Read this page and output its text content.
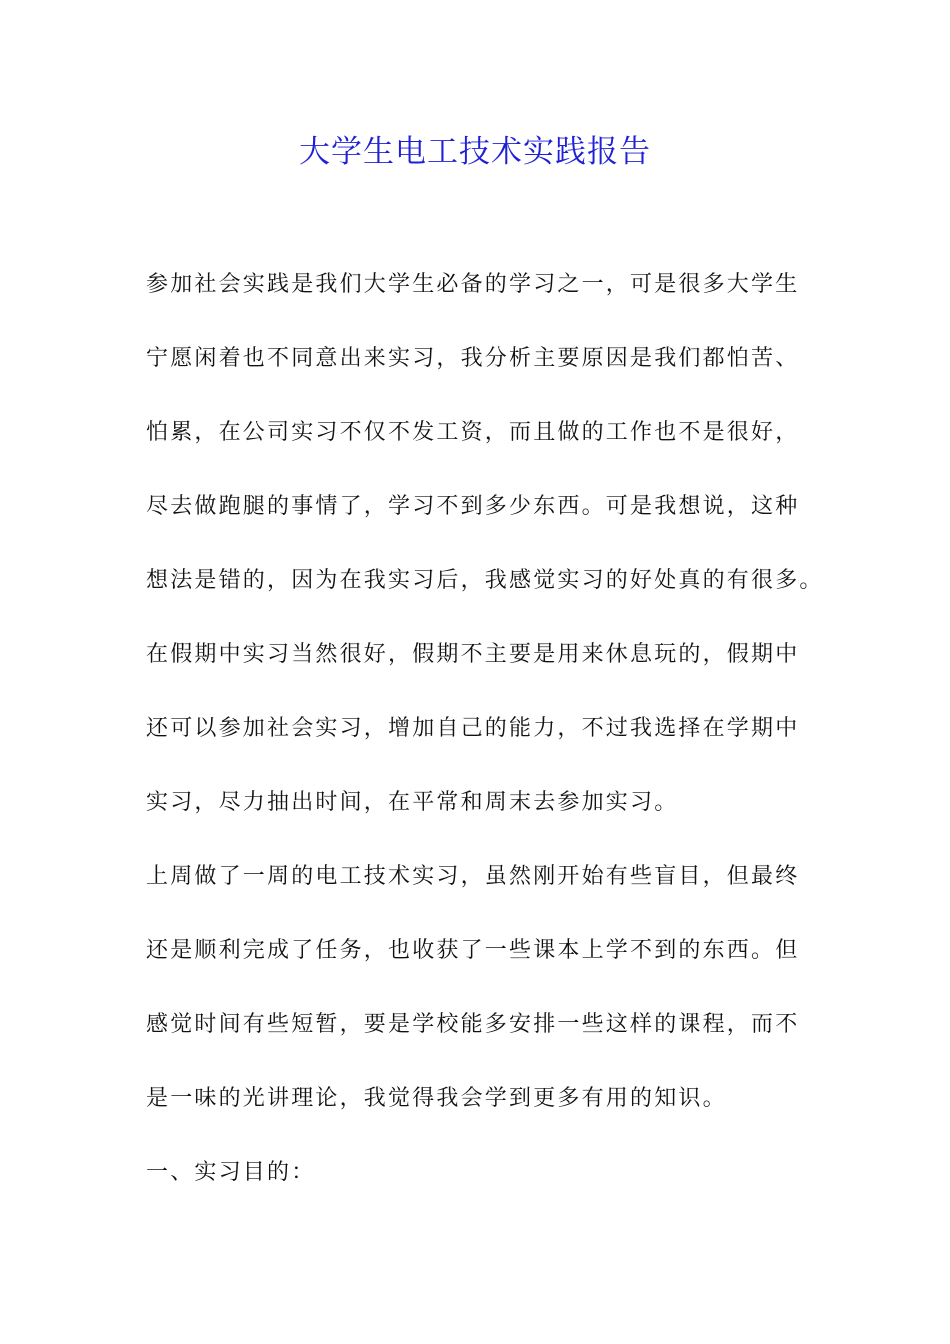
大学生电工技术实践报告

参加社会实践是我们大学生必备的学习之一，可是很多大学生

宁愿闲着也不同意出来实习，我分析主要原因是我们都怕苦、

怕累，在公司实习不仅不发工资，而且做的工作也不是很好，

尽去做跑腿的事情了，学习不到多少东西。可是我想说，这种

想法是错的，因为在我实习后，我感觉实习的好处真的有很多。

在假期中实习当然很好，假期不主要是用来休息玩的，假期中

还可以参加社会实习，增加自己的能力，不过我选择在学期中

实习，尽力抽出时间，在平常和周末去参加实习。

上周做了一周的电工技术实习，虽然刚开始有些盲目，但最终

还是顺利完成了任务，也收获了一些课本上学不到的东西。但

感觉时间有些短暂，要是学校能多安排一些这样的课程，而不

是一味的光讲理论，我觉得我会学到更多有用的知识。

一、实习目的：
